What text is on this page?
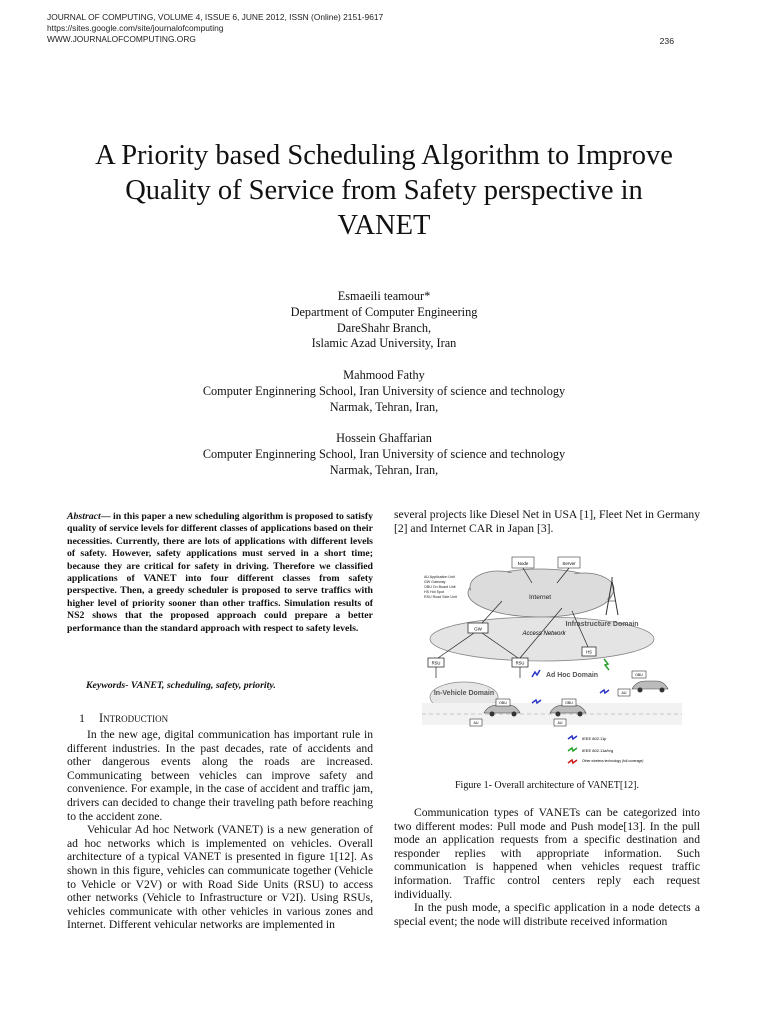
JOURNAL OF COMPUTING, VOLUME 4, ISSUE 6, JUNE 2012, ISSN (Online) 2151-9617
https://sites.google.com/site/journalofcomputing
WWW.JOURNALOFCOMPUTING.ORG	236
A Priority based Scheduling Algorithm to Improve
Quality of Service from Safety perspective in
VANET
Esmaeili teamour*
Department of Computer Engineering
DareShahr Branch,
Islamic Azad University, Iran
Mahmood Fathy
Computer Enginnering School, Iran University of science and technology
Narmak, Tehran, Iran,
Hossein Ghaffarian
Computer Enginnering School, Iran University of science and technology
Narmak, Tehran, Iran,
Abstract— in this paper a new scheduling algorithm is proposed to satisfy quality of service levels for different classes of applications based on their necessities. Currently, there are lots of applications with different levels of safety. However, safety applications must served in a short time; because they are critical for safety in driving. Therefore we classified applications of VANET into four different classes from safety perspective. Then, a greedy scheduler is proposed to serve traffics with higher level of priority sooner than other traffics. Simulation results of NS2 shows that the proposed approach could prepare a better performance than the standard approach with respect to safety levels.
Keywords- VANET, scheduling, safety, priority.
1 Introduction

In the new age, digital communication has important rule in different industries. In the past decades, rate of accidents and other dangerous events along the roads are increased. Communicating between vehicles can improve safety and convenience. For example, in the case of accident and traffic jam, drivers can decided to change their traveling path before reaching to the accident zone.

Vehicular Ad hoc Network (VANET) is a new generation of ad hoc networks which is implemented on vehicles. Overall architecture of a typical VANET is presented in figure 1[12]. As shown in this figure, vehicles can communicate together (Vehicle to Vehicle or V2V) or with Road Side Units (RSU) to access other networks (Vehicle to Infrastructure or V2I). Using RSUs, vehicles communicate with other vehicles in various zones and Internet. Different vehicular networks are implemented in

several projects like Diesel Net in USA [1], Fleet Net in Germany [2] and Internet CAR in Japan [3].

Internet
Node	Server
AU Application Unit
GW Gateway
OBU On Board Unit
HS Hot Spot
RSU Road Side Unit
Access Network
Infrastructure Domain
GW
RSU	RSU
HS
Ad Hoc Domain
In-Vehicle Domain
OBU	OBU
OBU
AU	AU
AU
IEEE 802.11p
IEEE 802.11a/b/g
Other wireless technology (full coverage)
Figure 1- Overall architecture of VANET[12].

Communication types of VANETs can be categorized into two different modes: Pull mode and Push mode[13]. In the pull mode an application requests from a specific destination and responder replies with appropriate information. Such communication is happened when vehicles request traffic information. Traffic control centers reply each request individually.

In the push mode, a specific application in a node detects a special event; the node will distribute received information
